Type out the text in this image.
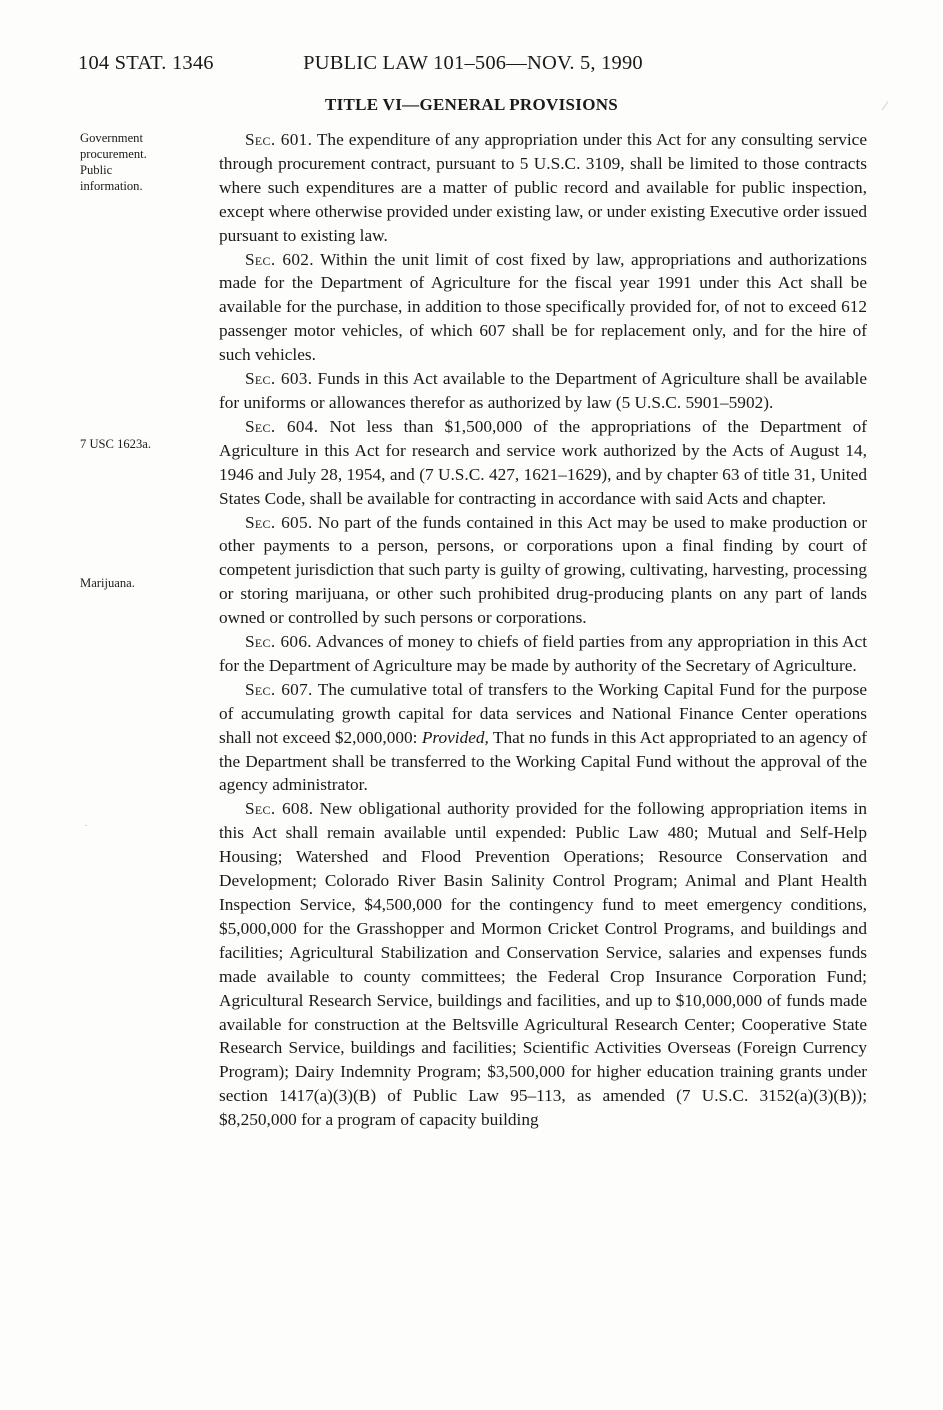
104 STAT. 1346	PUBLIC LAW 101–506—NOV. 5, 1990
TITLE VI—GENERAL PROVISIONS
Government
procurement.
Public
information.
7 USC 1623a.
Marijuana.

Sec. 601. The expenditure of any appropriation under this Act for any consulting service through procurement contract, pursuant to 5 U.S.C. 3109, shall be limited to those contracts where such expenditures are a matter of public record and available for public inspection, except where otherwise provided under existing law, or under existing Executive order issued pursuant to existing law.

Sec. 602. Within the unit limit of cost fixed by law, appropriations and authorizations made for the Department of Agriculture for the fiscal year 1991 under this Act shall be available for the purchase, in addition to those specifically provided for, of not to exceed 612 passenger motor vehicles, of which 607 shall be for replacement only, and for the hire of such vehicles.

Sec. 603. Funds in this Act available to the Department of Agriculture shall be available for uniforms or allowances therefor as authorized by law (5 U.S.C. 5901–5902).

Sec. 604. Not less than $1,500,000 of the appropriations of the Department of Agriculture in this Act for research and service work authorized by the Acts of August 14, 1946 and July 28, 1954, and (7 U.S.C. 427, 1621–1629), and by chapter 63 of title 31, United States Code, shall be available for contracting in accordance with said Acts and chapter.

Sec. 605. No part of the funds contained in this Act may be used to make production or other payments to a person, persons, or corporations upon a final finding by court of competent jurisdiction that such party is guilty of growing, cultivating, harvesting, processing or storing marijuana, or other such prohibited drug-producing plants on any part of lands owned or controlled by such persons or corporations.

Sec. 606. Advances of money to chiefs of field parties from any appropriation in this Act for the Department of Agriculture may be made by authority of the Secretary of Agriculture.

Sec. 607. The cumulative total of transfers to the Working Capital Fund for the purpose of accumulating growth capital for data services and National Finance Center operations shall not exceed $2,000,000: Provided, That no funds in this Act appropriated to an agency of the Department shall be transferred to the Working Capital Fund without the approval of the agency administrator.

Sec. 608. New obligational authority provided for the following appropriation items in this Act shall remain available until expended: Public Law 480; Mutual and Self-Help Housing; Watershed and Flood Prevention Operations; Resource Conservation and Development; Colorado River Basin Salinity Control Program; Animal and Plant Health Inspection Service, $4,500,000 for the contingency fund to meet emergency conditions, $5,000,000 for the Grasshopper and Mormon Cricket Control Programs, and buildings and facilities; Agricultural Stabilization and Conservation Service, salaries and expenses funds made available to county committees; the Federal Crop Insurance Corporation Fund; Agricultural Research Service, buildings and facilities, and up to $10,000,000 of funds made available for construction at the Beltsville Agricultural Research Center; Cooperative State Research Service, buildings and facilities; Scientific Activities Overseas (Foreign Currency Program); Dairy Indemnity Program; $3,500,000 for higher education training grants under section 1417(a)(3)(B) of Public Law 95–113, as amended (7 U.S.C. 3152(a)(3)(B)); $8,250,000 for a program of capacity building

⁄
·
